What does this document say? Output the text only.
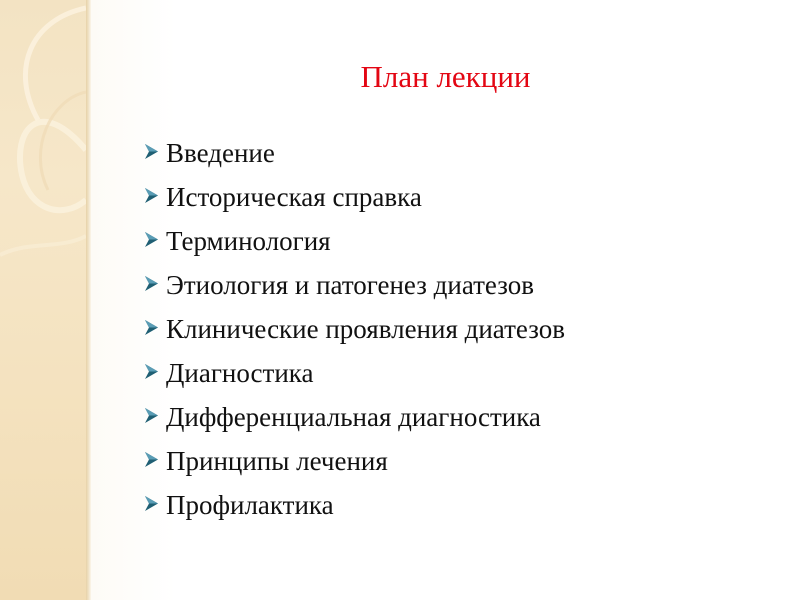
План лекции
Введение
Историческая справка
Терминология
Этиология и патогенез диатезов
Клинические проявления диатезов
Диагностика
Дифференциальная диагностика
Принципы лечения
Профилактика
